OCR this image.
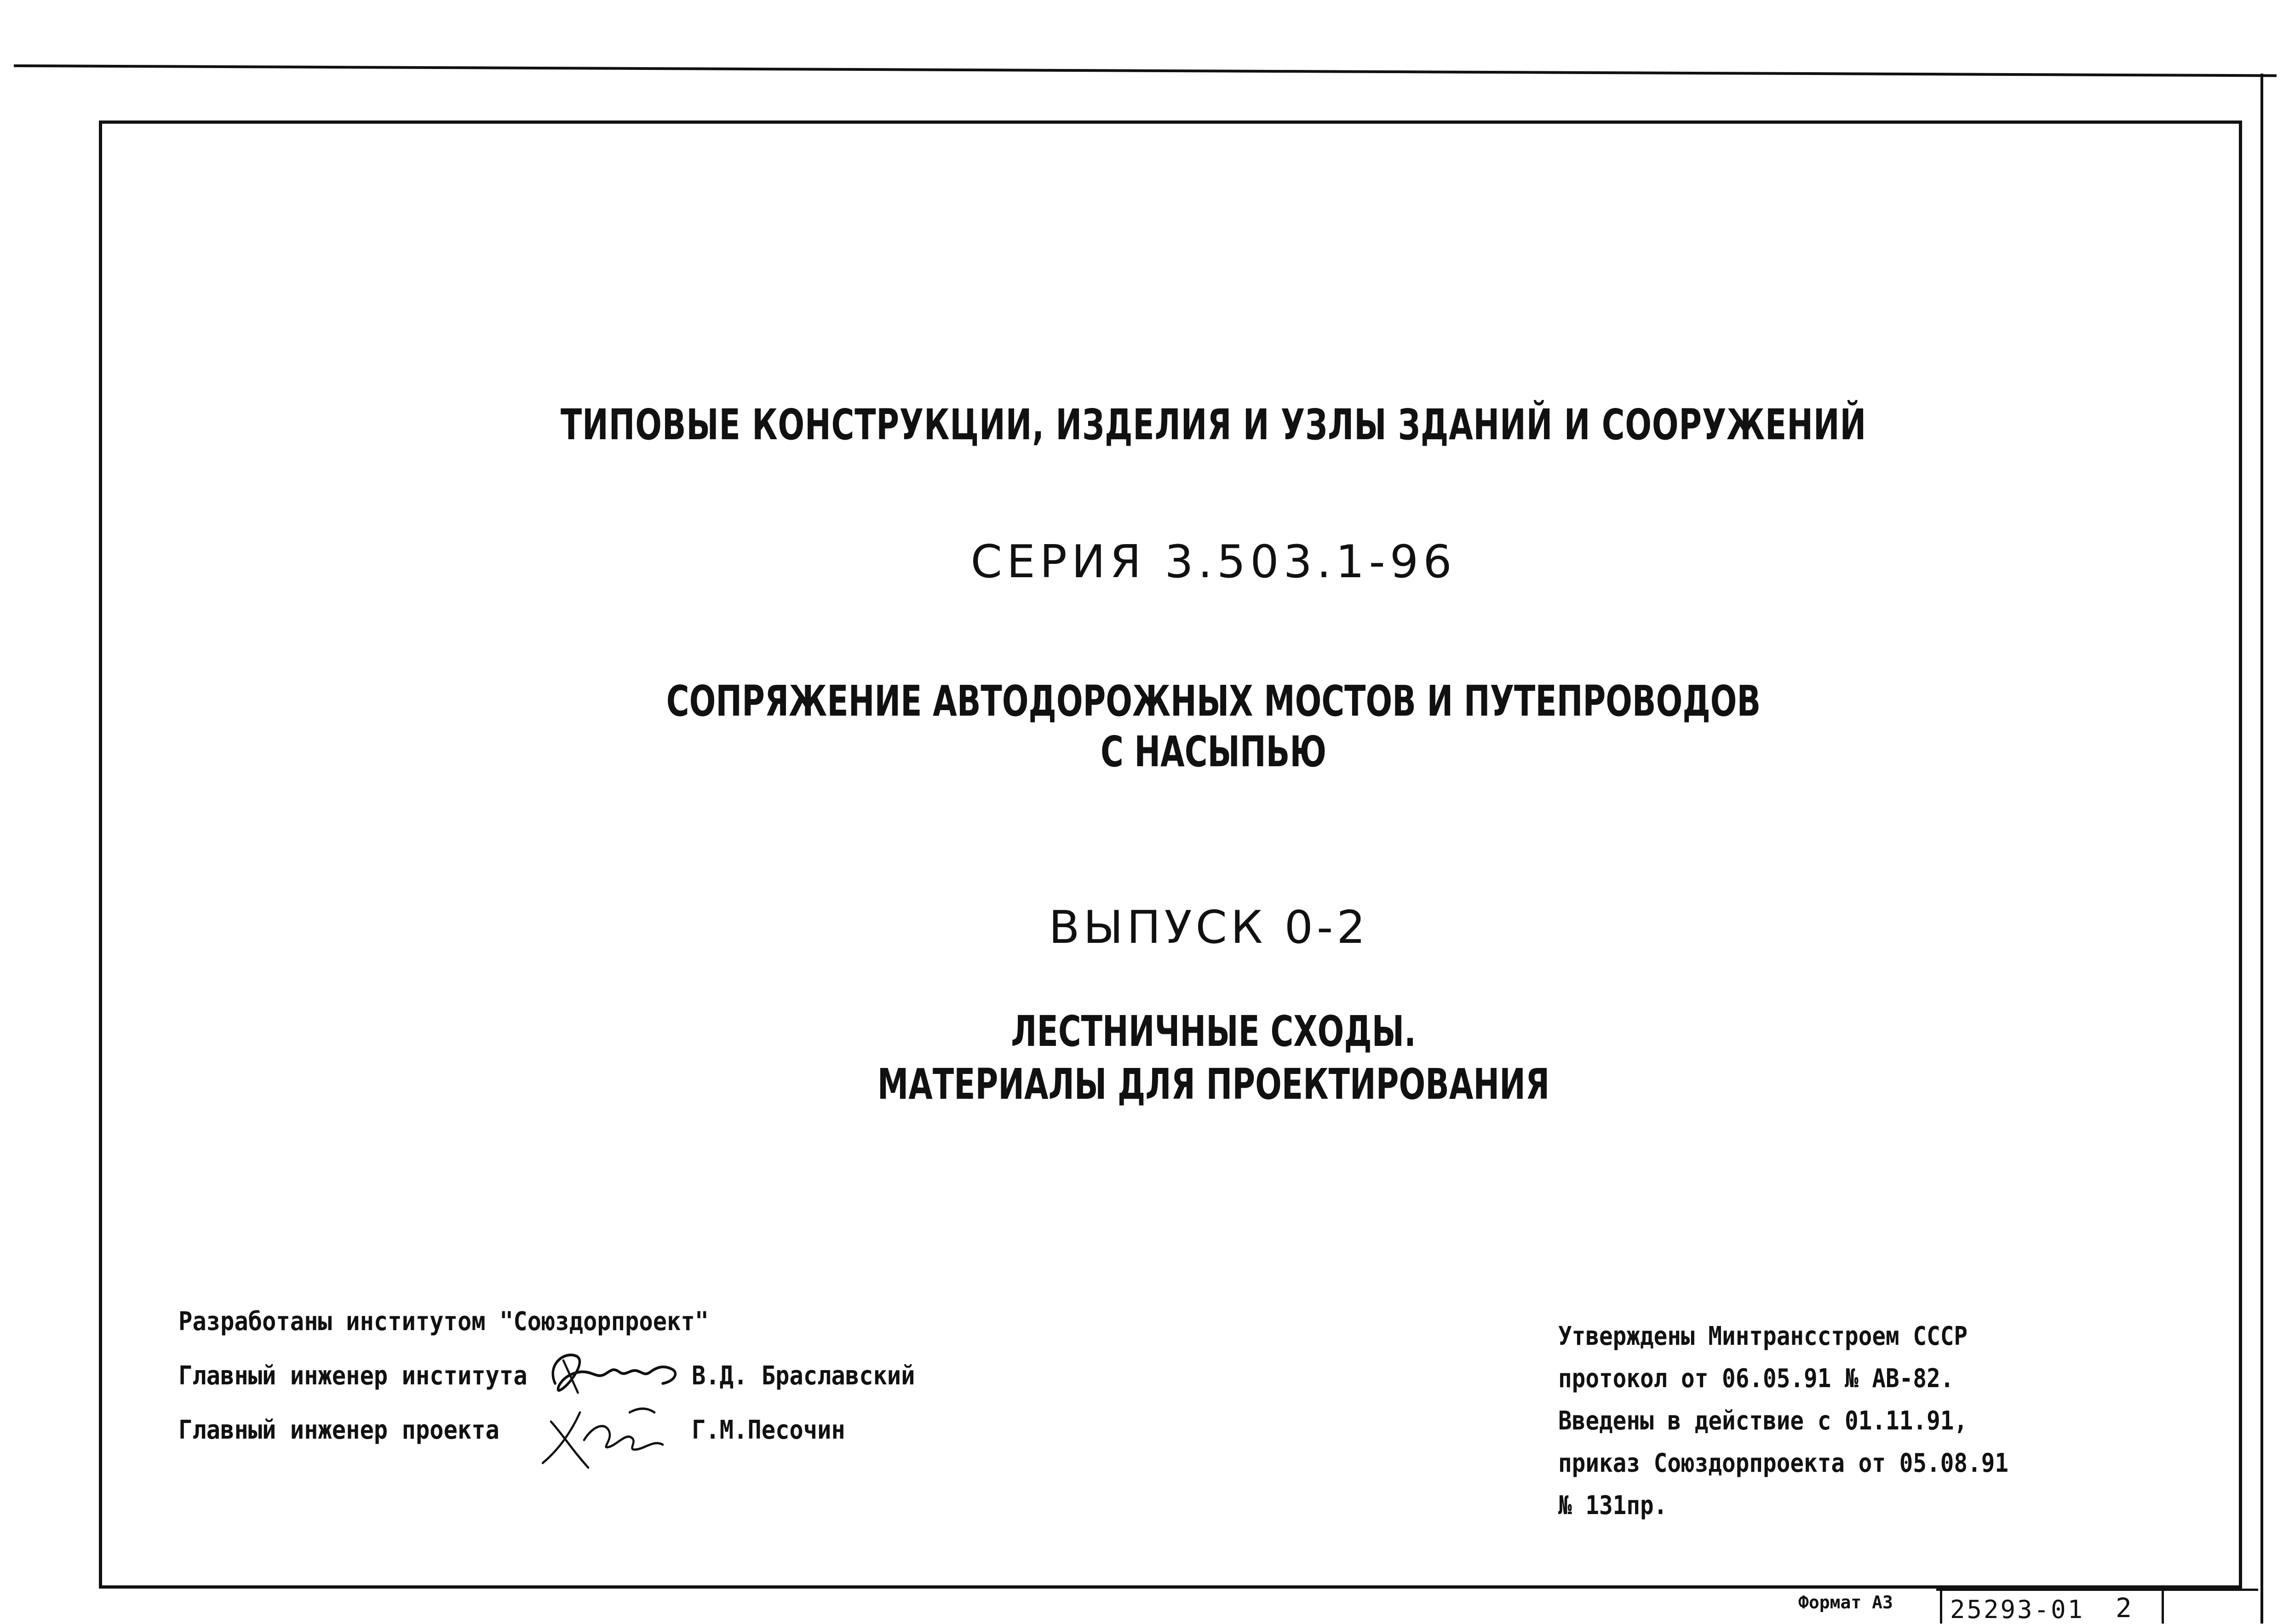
ТИПОВЫЕ КОНСТРУКЦИИ, ИЗДЕЛИЯ И УЗЛЫ ЗДАНИЙ И СООРУЖЕНИЙ
СЕРИЯ 3.503.1-96
СОПРЯЖЕНИЕ АВТОДОРОЖНЫХ МОСТОВ И ПУТЕПРОВОДОВ
С НАСЫПЬЮ
ВЫПУСК 0-2
ЛЕСТНИЧНЫЕ СХОДЫ.
МАТЕРИАЛЫ ДЛЯ ПРОЕКТИРОВАНИЯ
Разработаны институтом "Союздорпроект"
Главный инженер института	В.Д. Браславский
Главный инженер проекта	Г.М.Песочин
Утверждены Минтрансстроем СССР
протокол от 06.05.91 № АВ-82.
Введены в действие с 01.11.91,
приказ Союздорпроекта от 05.08.91
№ 131пр.
Формат А3 25293-01 2
